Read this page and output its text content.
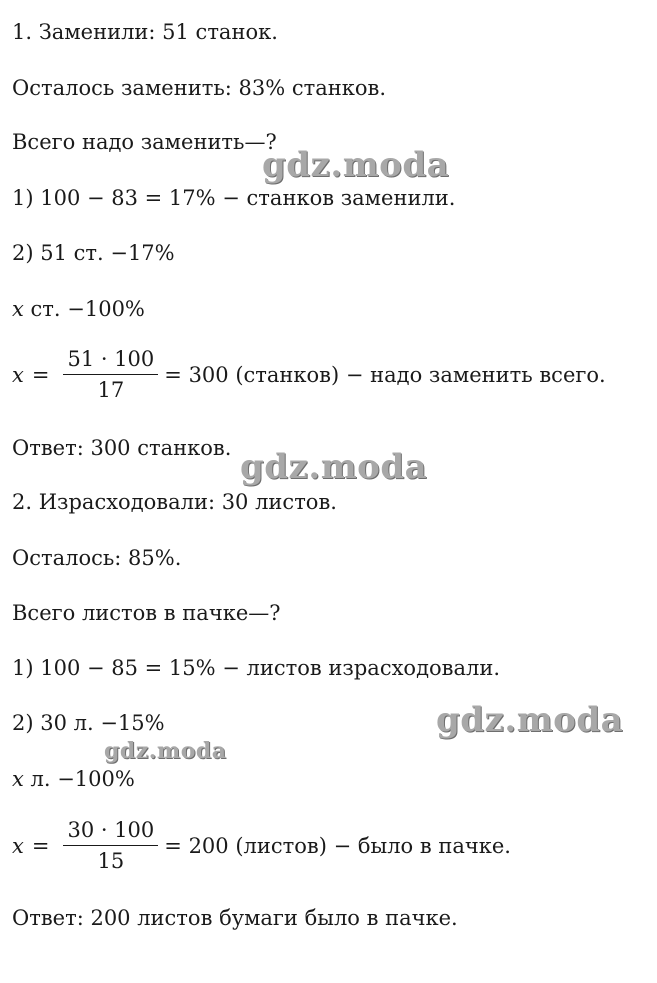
1. Заменили: 51 станок.
Осталось заменить: 83% станков.
Всего надо заменить—?
1) 100 − 83 = 17% − станков заменили.
2) 51 ст. −17%
x ст. −100%
$x = \frac{51 \cdot 100}{17} = 300$ (станков) − надо заменить всего.
Ответ: 300 станков.
2. Израсходовали: 30 листов.
Осталось: 85%.
Всего листов в пачке—?
1) 100 − 85 = 15% − листов израсходовали.
2) 30 л. −15%
x л. −100%
$x = \frac{30 \cdot 100}{15} = 200$ (листов) − было в пачке.
Ответ: 200 листов бумаги было в пачке.
gdz.moda
gdz.moda
gdz.moda
gdz.moda
